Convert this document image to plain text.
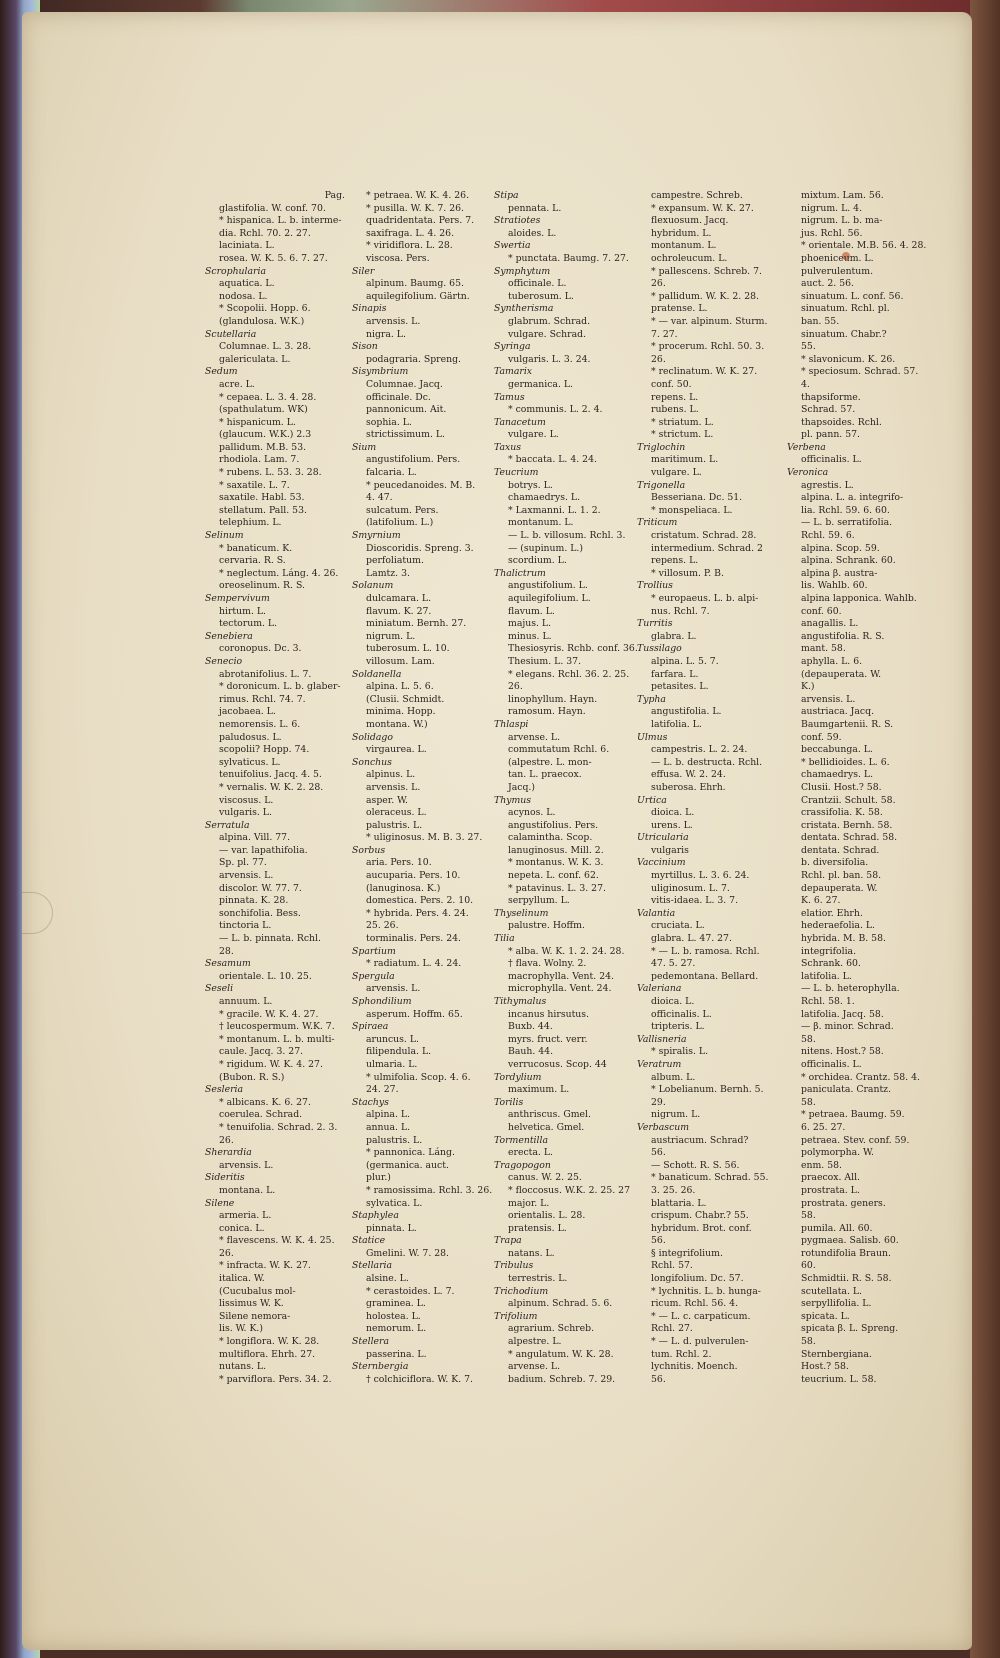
Pag.
glastifolia. W. conf. 70.
* hispanica. L. b. interme-
dia. Rchl. 70. 2. 27.
laciniata. L.
rosea. W. K. 5. 6. 7. 27.
Scrophularia
aquatica. L.
nodosa. L.
* Scopolii. Hopp. 6.
(glandulosa. W.K.)
Scutellaria
Columnae. L. 3. 28.
galericulata. L.
Sedum
acre. L.
* cepaea. L. 3. 4. 28.
(spathulatum. WK)
* hispanicum. L.
(glaucum. W.K.) 2.3
pallidum. M.B. 53.
rhodiola. Lam. 7.
* rubens. L. 53. 3. 28.
* saxatile. L. 7.
saxatile. Habl. 53.
stellatum. Pall. 53.
telephium. L.
Selinum
* banaticum. K.
cervaria. R. S.
* neglectum. Láng. 4. 26.
oreoselinum. R. S.
Sempervivum
hirtum. L.
tectorum. L.
Senebiera
coronopus. Dc. 3.
Senecio
abrotanifolius. L. 7.
* doronicum. L. b. glaber-
rimus. Rchl. 74. 7.
jacobaea. L.
nemorensis. L. 6.
paludosus. L.
scopolii? Hopp. 74.
sylvaticus. L.
tenuifolius. Jacq. 4. 5.
* vernalis. W. K. 2. 28.
viscosus. L.
vulgaris. L.
Serratula
alpina. Vill. 77.
— var. lapathifolia.
Sp. pl. 77.
arvensis. L.
discolor. W. 77. 7.
pinnata. K. 28.
sonchifolia. Bess.
tinctoria L.
— L. b. pinnata. Rchl.
28.
Sesamum
orientale. L. 10. 25.
Seseli
annuum. L.
* gracile. W. K. 4. 27.
† leucospermum. W.K. 7.
* montanum. L. b. multi-
caule. Jacq. 3. 27.
* rigidum. W. K. 4. 27.
(Bubon. R. S.)
Sesleria
* albicans. K. 6. 27.
coerulea. Schrad.
* tenuifolia. Schrad. 2. 3.
26.
Sherardia
arvensis. L.
Sideritis
montana. L.
Silene
armeria. L.
conica. L.
* flavescens. W. K. 4. 25.
26.
* infracta. W. K. 27.
italica. W.
(Cucubalus mol-
lissimus W. K.
Silene nemora-
lis. W. K.)
* longiflora. W. K. 28.
multiflora. Ehrh. 27.
nutans. L.
* parviflora. Pers. 34. 2.
* petraea. W. K. 4. 26.
* pusilla. W. K. 7. 26.
quadridentata. Pers. 7.
saxifraga. L. 4. 26.
* viridiflora. L. 28.
viscosa. Pers.
Siler
alpinum. Baumg. 65.
aquilegifolium. Gärtn.
Sinapis
arvensis. L.
nigra. L.
Sison
podagraria. Spreng.
Sisymbrium
Columnae. Jacq.
officinale. Dc.
pannonicum. Ait.
sophia. L.
strictissimum. L.
Sium
angustifolium. Pers.
falcaria. L.
* peucedanoides. M. B.
4. 47.
sulcatum. Pers.
(latifolium. L.)
Smyrnium
Dioscoridis. Spreng. 3.
perfoliatum.
Lamtz. 3.
Solanum
dulcamara. L.
flavum. K. 27.
miniatum. Bernh. 27.
nigrum. L.
tuberosum. L. 10.
villosum. Lam.
Soldanella
alpina. L. 5. 6.
(Clusii. Schmidt.
minima. Hopp.
montana. W.)
Solidago
virgaurea. L.
Sonchus
alpinus. L.
arvensis. L.
asper. W.
oleraceus. L.
palustris. L.
* uliginosus. M. B. 3. 27.
Sorbus
aria. Pers. 10.
aucuparia. Pers. 10.
(lanuginosa. K.)
domestica. Pers. 2. 10.
* hybrida. Pers. 4. 24.
25. 26.
torminalis. Pers. 24.
Spartium
* radiatum. L. 4. 24.
Spergula
arvensis. L.
Sphondilium
asperum. Hoffm. 65.
Spiraea
aruncus. L.
filipendula. L.
ulmaria. L.
* ulmifolia. Scop. 4. 6.
24. 27.
Stachys
alpina. L.
annua. L.
palustris. L.
* pannonica. Láng.
(germanica. auct.
plur.)
* ramosissima. Rchl. 3. 26.
sylvatica. L.
Staphylea
pinnata. L.
Statice
Gmelini. W. 7. 28.
Stellaria
alsine. L.
* cerastoides. L. 7.
graminea. L.
holostea. L.
nemorum. L.
Stellera
passerina. L.
Sternbergia
† colchiciflora. W. K. 7.
Stipa
pennata. L.
Stratiotes
aloides. L.
Swertia
* punctata. Baumg. 7. 27.
Symphytum
officinale. L.
tuberosum. L.
Syntherisma
glabrum. Schrad.
vulgare. Schrad.
Syringa
vulgaris. L. 3. 24.
Tamarix
germanica. L.
Tamus
* communis. L. 2. 4.
Tanacetum
vulgare. L.
Taxus
* baccata. L. 4. 24.
Teucrium
botrys. L.
chamaedrys. L.
* Laxmanni. L. 1. 2.
montanum. L.
— L. b. villosum. Rchl. 3.
— (supinum. L.)
scordium. L.
Thalictrum
angustifolium. L.
aquilegifolium. L.
flavum. L.
majus. L.
minus. L.
Thesiosyris. Rchb. conf. 36.
Thesium. L. 37.
* elegans. Rchl. 36. 2. 25.
26.
linophyllum. Hayn.
ramosum. Hayn.
Thlaspi
arvense. L.
commutatum Rchl. 6.
(alpestre. L. mon-
tan. L. praecox.
Jacq.)
Thymus
acynos. L.
angustifolius. Pers.
calamintha. Scop.
lanuginosus. Mill. 2.
* montanus. W. K. 3.
nepeta. L. conf. 62.
* patavinus. L. 3. 27.
serpyllum. L.
Thyselinum
palustre. Hoffm.
Tilia
* alba. W. K. 1. 2. 24. 28.
† flava. Wolny. 2.
macrophylla. Vent. 24.
microphylla. Vent. 24.
Tithymalus
incanus hirsutus.
Buxb. 44.
myrs. fruct. verr.
Bauh. 44.
verrucosus. Scop. 44
Tordylium
maximum. L.
Torilis
anthriscus. Gmel.
helvetica. Gmel.
Tormentilla
erecta. L.
Tragopogon
canus. W. 2. 25.
* floccosus. W.K. 2. 25. 27
major. L.
orientalis. L. 28.
pratensis. L.
Trapa
natans. L.
Tribulus
terrestris. L.
Trichodium
alpinum. Schrad. 5. 6.
Trifolium
agrarium. Schreb.
alpestre. L.
* angulatum. W. K. 28.
arvense. L.
badium. Schreb. 7. 29.
campestre. Schreb.
* expansum. W. K. 27.
flexuosum. Jacq.
hybridum. L.
montanum. L.
ochroleucum. L.
* pallescens. Schreb. 7.
26.
* pallidum. W. K. 2. 28.
pratense. L.
* — var. alpinum. Sturm.
7. 27.
* procerum. Rchl. 50. 3.
26.
* reclinatum. W. K. 27.
conf. 50.
repens. L.
rubens. L.
* striatum. L.
* strictum. L.
Triglochin
maritimum. L.
vulgare. L.
Trigonella
Besseriana. Dc. 51.
* monspeliaca. L.
Triticum
cristatum. Schrad. 28.
intermedium. Schrad. 2
repens. L.
* villosum. P. B.
Trollius
* europaeus. L. b. alpi-
nus. Rchl. 7.
Turritis
glabra. L.
Tussilago
alpina. L. 5. 7.
farfara. L.
petasites. L.
Typha
angustifolia. L.
latifolia. L.
Ulmus
campestris. L. 2. 24.
— L. b. destructa. Rchl.
effusa. W. 2. 24.
suberosa. Ehrh.
Urtica
dioica. L.
urens. L.
Utricularia
vulgaris
Vaccinium
myrtillus. L. 3. 6. 24.
uliginosum. L. 7.
vitis-idaea. L. 3. 7.
Valantia
cruciata. L.
glabra. L. 47. 27.
* — L. b. ramosa. Rchl.
47. 5. 27.
pedemontana. Bellard.
Valeriana
dioica. L.
officinalis. L.
tripteris. L.
Vallisneria
* spiralis. L.
Veratrum
album. L.
* Lobelianum. Bernh. 5.
29.
nigrum. L.
Verbascum
austriacum. Schrad?
56.
— Schott. R. S. 56.
* banaticum. Schrad. 55.
3. 25. 26.
blattaria. L.
crispum. Chabr.? 55.
hybridum. Brot. conf.
56.
§ integrifolium.
Rchl. 57.
longifolium. Dc. 57.
* lychnitis. L. b. hunga-
ricum. Rchl. 56. 4.
* — L. c. carpaticum.
Rchl. 27.
* — L. d. pulverulen-
tum. Rchl. 2.
lychnitis. Moench.
56.
mixtum. Lam. 56.
nigrum. L. 4.
nigrum. L. b. ma-
jus. Rchl. 56.
* orientale. M.B. 56. 4. 28.
phoeniceum. L.
pulverulentum.
auct. 2. 56.
sinuatum. L. conf. 56.
sinuatum. Rchl. pl.
ban. 55.
sinuatum. Chabr.?
55.
* slavonicum. K. 26.
* speciosum. Schrad. 57.
4.
thapsiforme.
Schrad. 57.
thapsoides. Rchl.
pl. pann. 57.
Verbena
officinalis. L.
Veronica
agrestis. L.
alpina. L. a. integrifo-
lia. Rchl. 59. 6. 60.
— L. b. serratifolia.
Rchl. 59. 6.
alpina. Scop. 59.
alpina. Schrank. 60.
alpina β. austra-
lis. Wahlb. 60.
alpina lapponica. Wahlb.
conf. 60.
anagallis. L.
angustifolia. R. S.
mant. 58.
aphylla. L. 6.
(depauperata. W.
K.)
arvensis. L.
austriaca. Jacq.
Baumgartenii. R. S.
conf. 59.
beccabunga. L.
* bellidioides. L. 6.
chamaedrys. L.
Clusii. Host.? 58.
Crantzii. Schult. 58.
crassifolia. K. 58.
cristata. Bernh. 58.
dentata. Schrad. 58.
dentata. Schrad.
b. diversifolia.
Rchl. pl. ban. 58.
depauperata. W.
K. 6. 27.
elatior. Ehrh.
hederaefolia. L.
hybrida. M. B. 58.
integrifolia.
Schrank. 60.
latifolia. L.
— L. b. heterophylla.
Rchl. 58. 1.
latifolia. Jacq. 58.
— β. minor. Schrad.
58.
nitens. Host.? 58.
officinalis. L.
* orchidea. Crantz. 58. 4.
paniculata. Crantz.
58.
* petraea. Baumg. 59.
6. 25. 27.
petraea. Stev. conf. 59.
polymorpha. W.
enm. 58.
praecox. All.
prostrata. L.
prostrata. geners.
58.
pumila. All. 60.
pygmaea. Salisb. 60.
rotundifolia Braun.
60.
Schmidtii. R. S. 58.
scutellata. L.
serpyllifolia. L.
spicata. L.
spicata β. L. Spreng.
58.
Sternbergiana.
Host.? 58.
teucrium. L. 58.
